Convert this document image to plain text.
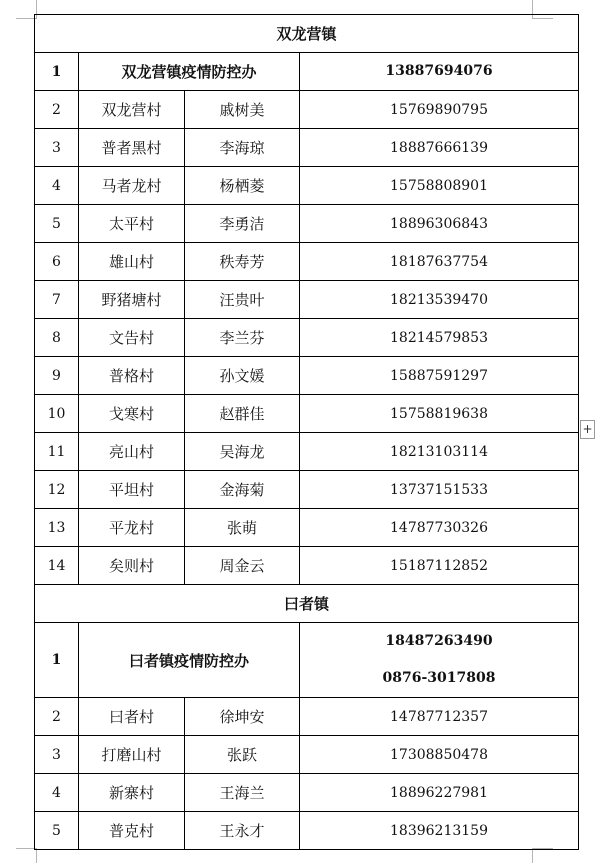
+
双龙营镇			
1	双龙营镇疫情防控办		13887694076

2	双龙营村	戚树美	15769890795
3	普者黑村	李海琼	18887666139
4	马者龙村	杨栖菱	15758808901
5	太平村	李勇洁	18896306843
6	雄山村	秩寿芳	18187637754
7	野猪塘村	汪贵叶	18213539470
8	文告村	李兰芬	18214579853
9	普格村	孙文媛	15887591297
10	戈寒村	赵群佳	15758819638
11	亮山村	吴海龙	18213103114
12	平坦村	金海菊	13737151533
13	平龙村	张萌	14787730326
14	矣则村	周金云	15187112852
曰者镇			
1	曰者镇疫情防控办		18487263490
0876-3017808

2	曰者村	徐坤安	14787712357
3	打磨山村	张跃	17308850478
4	新寨村	王海兰	18896227981
5	普克村	王永才	18396213159
